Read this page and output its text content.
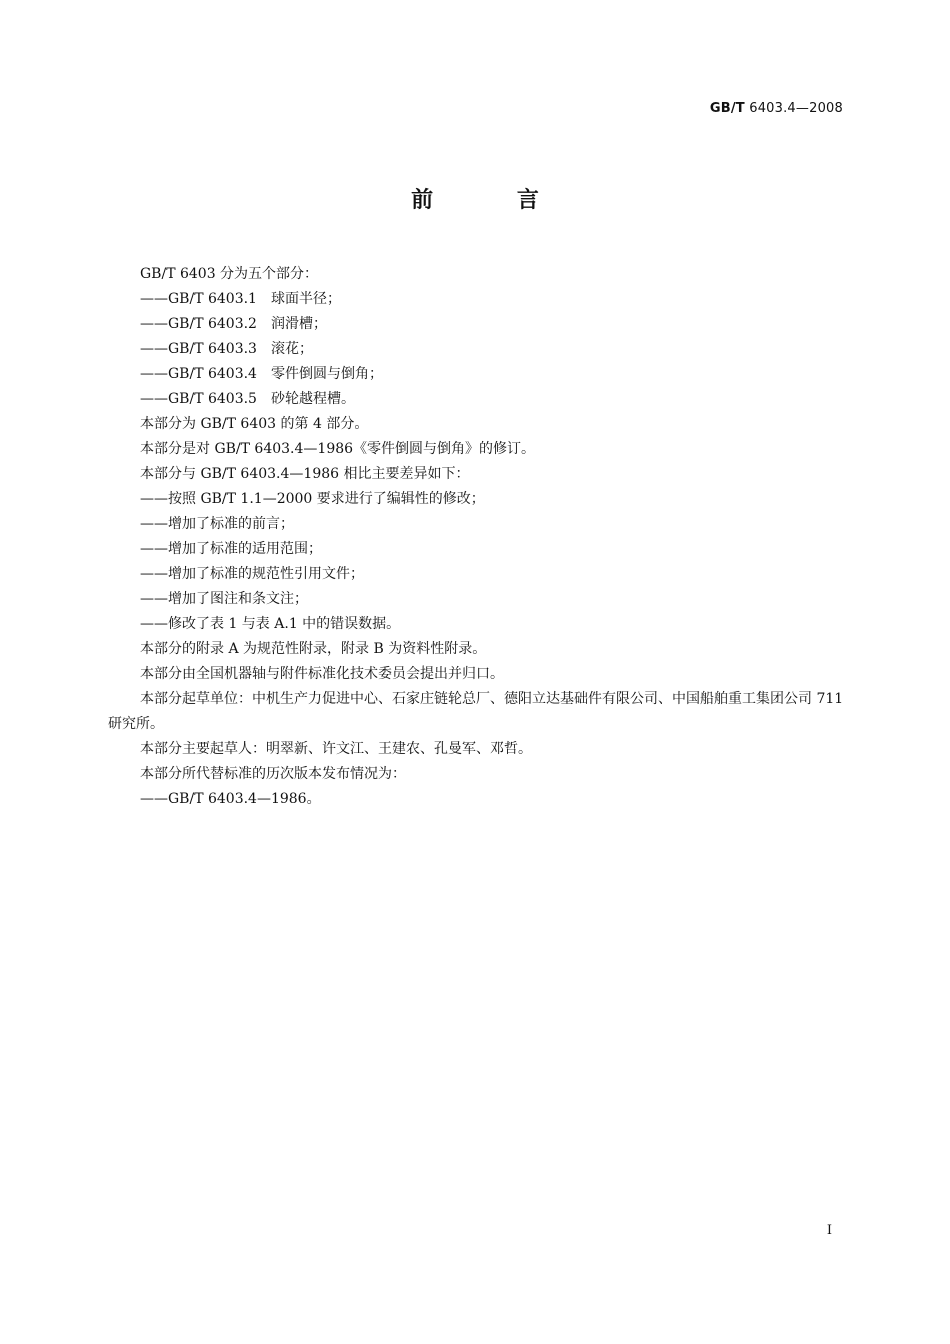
GB/T 6403.4—2008
前 言

GB/T 6403 分为五个部分：

——GB/T 6403.1　球面半径；

——GB/T 6403.2　润滑槽；

——GB/T 6403.3　滚花；

——GB/T 6403.4　零件倒圆与倒角；

——GB/T 6403.5　砂轮越程槽。

本部分为 GB/T 6403 的第 4 部分。

本部分是对 GB/T 6403.4—1986《零件倒圆与倒角》的修订。

本部分与 GB/T 6403.4—1986 相比主要差异如下：

——按照 GB/T 1.1—2000 要求进行了编辑性的修改；

——增加了标准的前言；

——增加了标准的适用范围；

——增加了标准的规范性引用文件；

——增加了图注和条文注；

——修改了表 1 与表 A.1 中的错误数据。

本部分的附录 A 为规范性附录，附录 B 为资料性附录。

本部分由全国机器轴与附件标准化技术委员会提出并归口。

本部分起草单位：中机生产力促进中心、石家庄链轮总厂、德阳立达基础件有限公司、中国船舶重工集团公司 711 研究所。

本部分主要起草人：明翠新、许文江、王建农、孔曼军、邓哲。

本部分所代替标准的历次版本发布情况为：

——GB/T 6403.4—1986。

I
